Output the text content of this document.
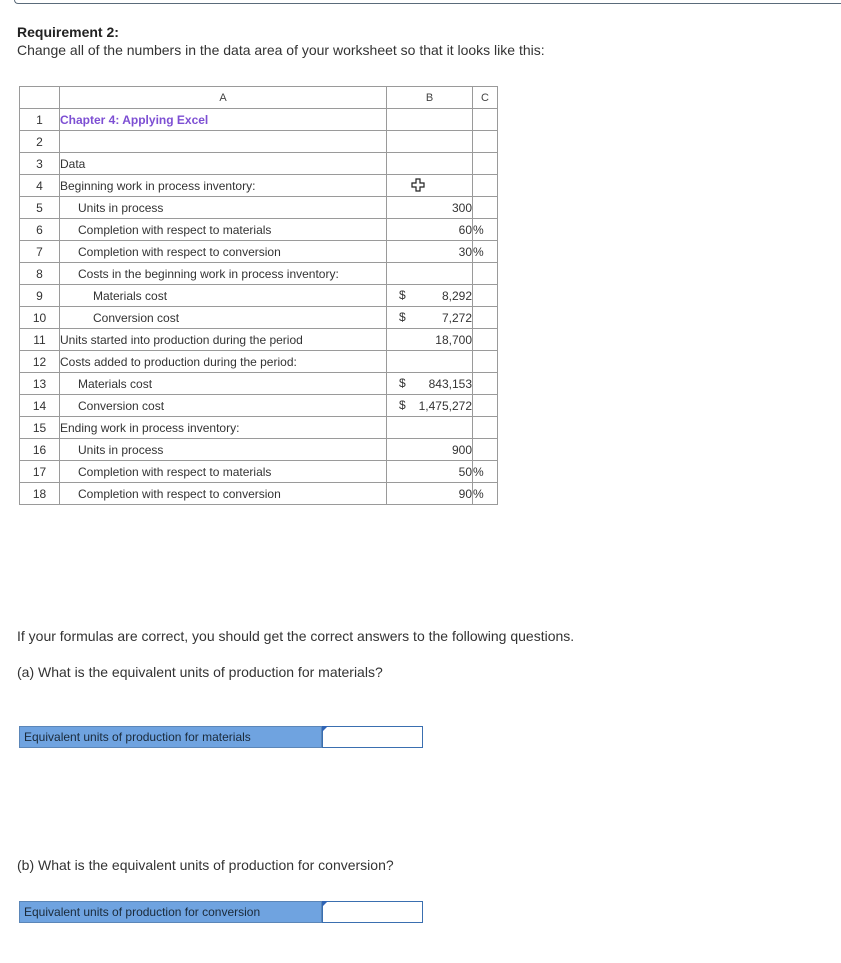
Requirement 2:
Change all of the numbers in the data area of your worksheet so that it looks like this:
	A	B	C
1	Chapter 4: Applying Excel		
2			
3	Data		
4	Beginning work in process inventory:	

5	Units in process	300	
6	Completion with respect to materials	60	%
7	Completion with respect to conversion	30	%
8	Costs in the beginning work in process inventory:		
9	Materials cost	$ 8,292	
10	Conversion cost	$ 7,272	
11	Units started into production during the period	18,700	
12	Costs added to production during the period:		
13	Materials cost	$ 843,153	
14	Conversion cost	$ 1,475,272	
15	Ending work in process inventory:		
16	Units in process	900	
17	Completion with respect to materials	50	%
18	Completion with respect to conversion	90	%
If your formulas are correct, you should get the correct answers to the following questions.
(a) What is the equivalent units of production for materials?
Equivalent units of production for materials
(b) What is the equivalent units of production for conversion?
Equivalent units of production for conversion
